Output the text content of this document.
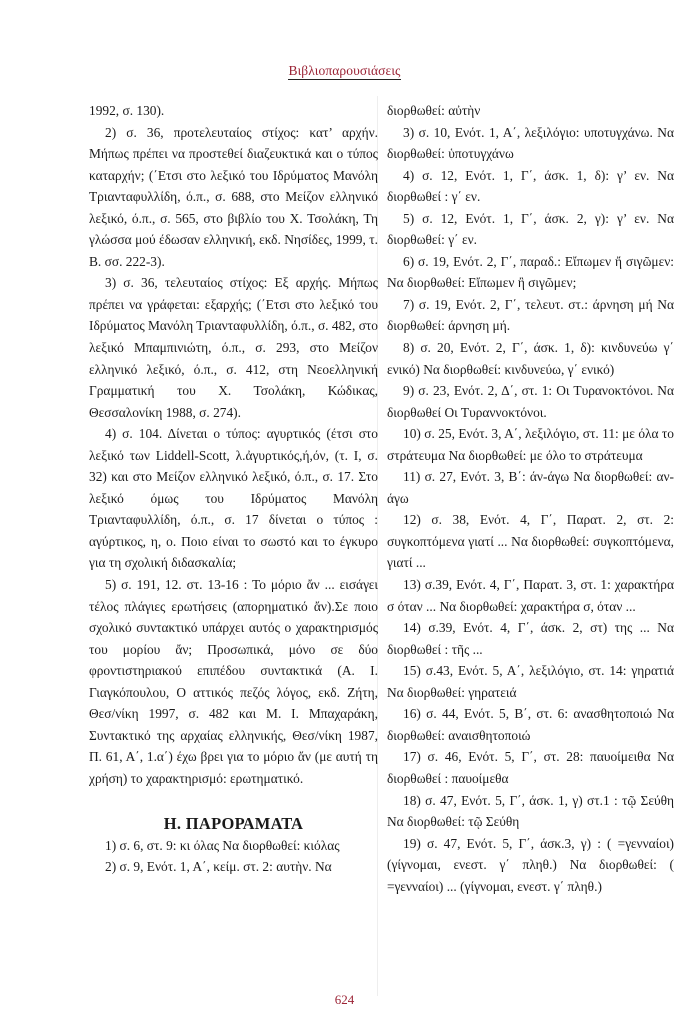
Βιβλιοπαρουσιάσεις

1992, σ. 130).

2) σ. 36, προτελευταίος στίχος: κατ’ αρχήν. Μήπως πρέπει να προστεθεί διαζευκτικά και ο τύπος καταρχήν; (΄Ετσι στο λεξικό του Ιδρύματος Μανόλη Τριανταφυλλίδη, ό.π., σ. 688, στο Μείζον ελληνικό λεξικό, ό.π., σ. 565, στο βιβλίο του Χ. Τσολάκη, Τη γλώσσα μού έδωσαν ελληνική, εκδ. Νησίδες, 1999, τ. Β. σσ. 222-3).

3) σ. 36, τελευταίος στίχος: Εξ αρχής. Μήπως πρέπει να γράφεται: εξαρχής; (΄Ετσι στο λεξικό του Ιδρύματος Μανόλη Τριανταφυλλίδη, ό.π., σ. 482, στο λεξικό Μπαμπινιώτη, ό.π., σ. 293, στο Μείζον ελληνικό λεξικό, ό.π., σ. 412, στη Νεοελληνική Γραμματική του Χ. Τσολάκη, Κώδικας, Θεσσαλονίκη 1988, σ. 274).

4) σ. 104. Δίνεται ο τύπος: αγυρτικός (έτσι στο λεξικό των Liddell-Scott, λ.ἀγυρτικός,ή,όν, (τ. Ι, σ. 32) και στο Μείζον ελληνικό λεξικό, ό.π., σ. 17. Στο λεξικό όμως του Ιδρύματος Μανόλη Τριανταφυλλίδη, ό.π., σ. 17 δίνεται ο τύπος : αγύρτικος, η, ο. Ποιο είναι το σωστό και το έγκυρο για τη σχολική διδασκαλία;

5) σ. 191, 12. στ. 13-16 : Το μόριο ἄν ... εισάγει τέλος πλάγιες ερωτήσεις (απορηματικό ἄν).Σε ποιο σχολικό συντακτικό υπάρχει αυτός ο χαρακτηρισμός του μορίου ἄν; Προσωπικά, μόνο σε δύο φροντιστηριακού επιπέδου συντακτικά (Α. Ι. Γιαγκόπουλου, Ο αττικός πεζός λόγος, εκδ. Ζήτη, Θεσ/νίκη 1997, σ. 482 και Μ. Ι. Μπαχαράκη, Συντακτικό της αρχαίας ελληνικής, Θεσ/νίκη 1987, Π. 61, Α΄, 1.α΄) έχω βρει για το μόριο ἄν (με αυτή τη χρήση) το χαρακτηρισμό: ερωτηματικό.

Η. ΠΑΡΟΡΑΜΑΤΑ

1) σ. 6, στ. 9: κι όλας Να διορθωθεί: κιόλας

2) σ. 9, Ενότ. 1, Α΄, κείμ. στ. 2: αυτὴν. Να

διορθωθεί: αὐτὴν

3) σ. 10, Ενότ. 1, Α΄, λεξιλόγιο: υποτυγχάνω. Να διορθωθεί: ὑποτυγχάνω

4) σ. 12, Ενότ. 1, Γ΄, άσκ. 1, δ): γ’ εν. Να διορθωθεί : γ΄ εν.

5) σ. 12, Ενότ. 1, Γ΄, άσκ. 2, γ): γ’ εν. Να διορθωθεί: γ΄ εν.

6) σ. 19, Ενότ. 2, Γ΄, παραδ.: Εἴπωμεν ἤ σιγῶμεν: Να διορθωθεί: Εἴπωμεν ἢ σιγῶμεν;

7) σ. 19, Ενότ. 2, Γ΄, τελευτ. στ.: άρνηση μή Να διορθωθεί: άρνηση μή.

8) σ. 20, Ενότ. 2, Γ΄, άσκ. 1, δ): κινδυνεύω γ΄ ενικό) Να διορθωθεί: κινδυνεύω, γ΄ ενικό)

9) σ. 23, Ενότ. 2, Δ΄, στ. 1: Οι Τυρανοκτόνοι. Να διορθωθεί Οι Τυραννοκτόνοι.

10) σ. 25, Ενότ. 3, Α΄, λεξιλόγιο, στ. 11: με όλα το στράτευμα Να διορθωθεί: με όλο το στράτευμα

11) σ. 27, Ενότ. 3, Β΄: άν-άγω Να διορθωθεί: αν-άγω

12) σ. 38, Ενότ. 4, Γ΄, Παρατ. 2, στ. 2: συγκοπτόμενα γιατί ... Να διορθωθεί: συγκοπτόμενα, γιατί ...

13) σ.39, Ενότ. 4, Γ΄, Παρατ. 3, στ. 1: χαρακτήρα σ όταν ... Να διορθωθεί: χαρακτήρα σ, όταν ...

14) σ.39, Ενότ. 4, Γ΄, άσκ. 2, στ) της ... Να διορθωθεί : τῆς ...

15) σ.43, Ενότ. 5, Α΄, λεξιλόγιο, στ. 14: γηρατιά Να διορθωθεί: γηρατειά

16) σ. 44, Ενότ. 5, Β΄, στ. 6: ανασθητοποιώ Να διορθωθεί: αναισθητοποιώ

17) σ. 46, Ενότ. 5, Γ΄, στ. 28: παυοίμειθα Να διορθωθεί : παυοίμεθα

18) σ. 47, Ενότ. 5, Γ΄, άσκ. 1, γ) στ.1 : τῷ Σεύθη Να διορθωθεί: τῷ Σεύθη

19) σ. 47, Ενότ. 5, Γ΄, άσκ.3, γ) : ( =γενναίοι) (γίγνομαι, ενεστ. γ΄ πληθ.) Να διορθωθεί: ( =γενναίοι) ... (γίγνομαι, ενεστ. γ΄ πληθ.)

624
